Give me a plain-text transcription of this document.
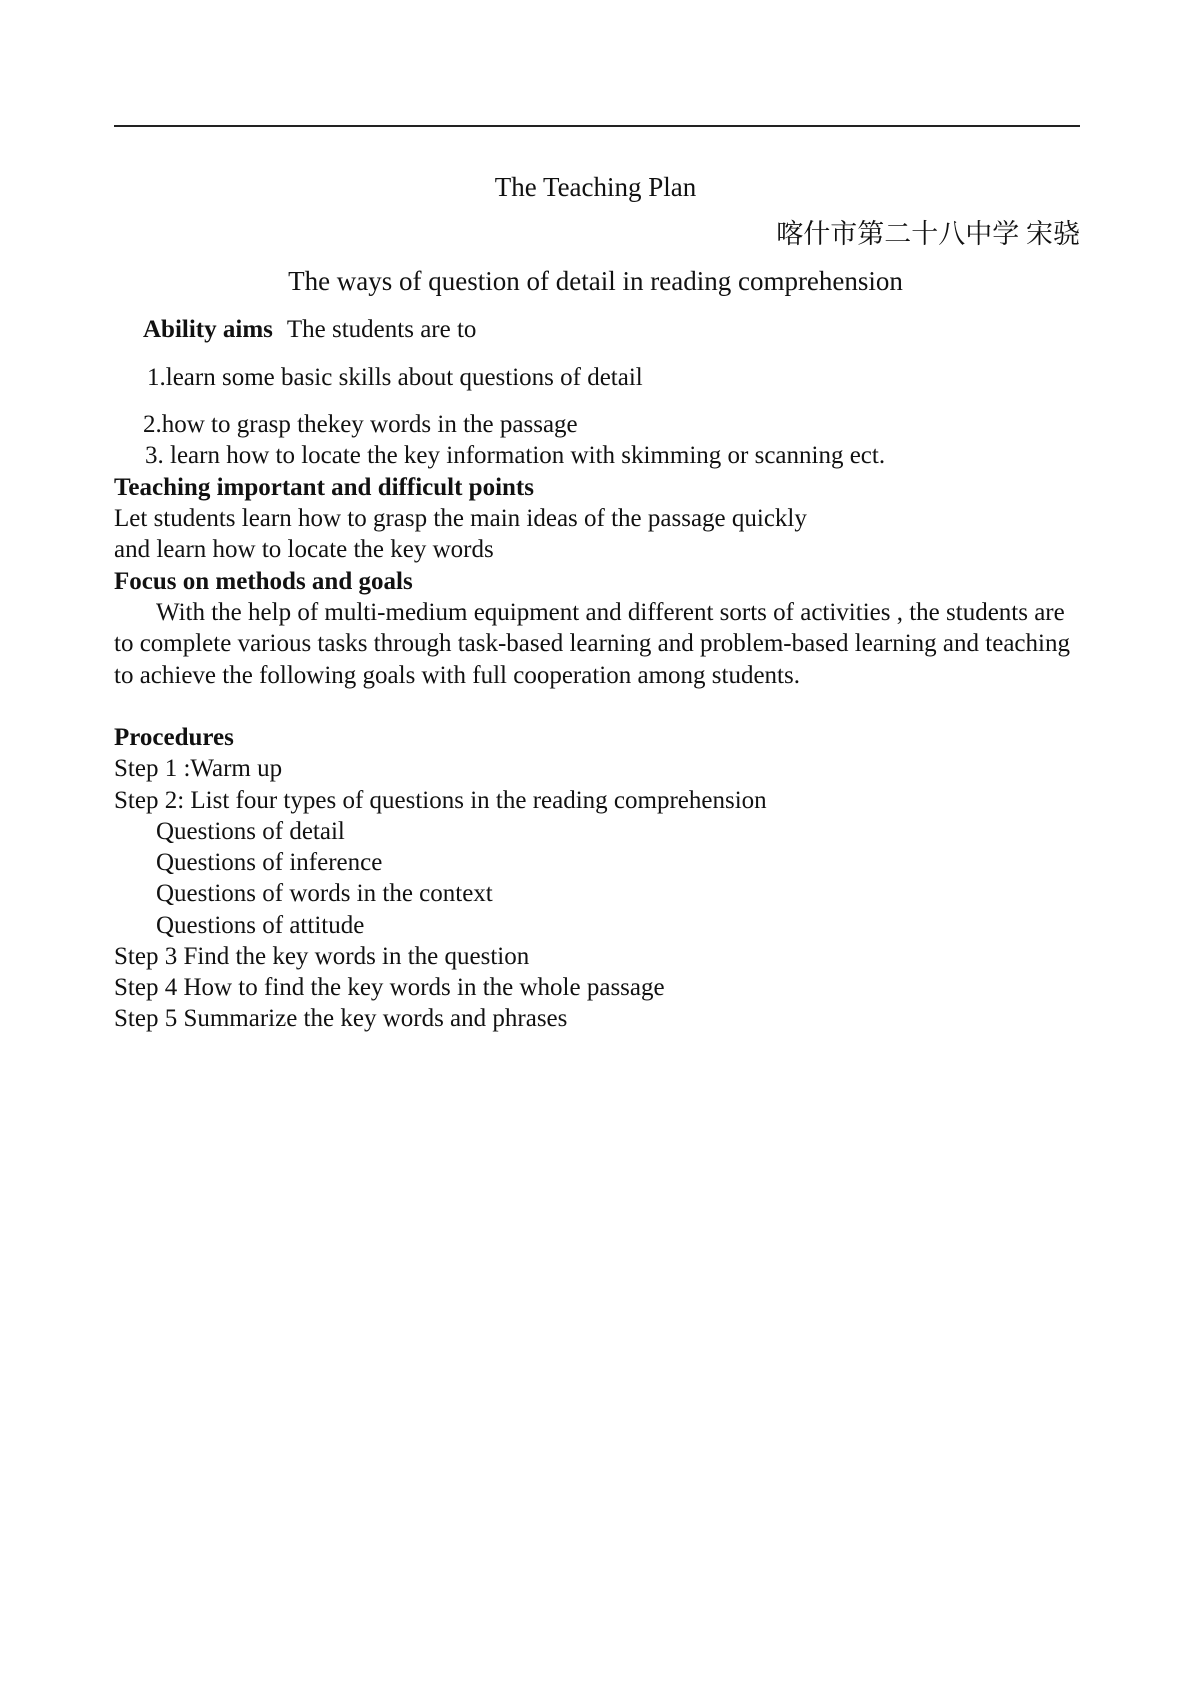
The Teaching Plan
喀什市第二十八中学 宋骁
The ways of question of detail in reading comprehension
Ability aims The students are to
1.learn some basic skills about questions of detail
2.how to grasp thekey words in the passage
3. learn how to locate the key information with skimming or scanning ect.
Teaching important and difficult points
Let students learn how to grasp the main ideas of the passage quickly
and learn how to locate the key words
Focus on methods and goals
With the help of multi-medium equipment and different sorts of activities , the students are to complete various tasks through task-based learning and problem-based learning and teaching to achieve the following goals with full cooperation among students.
Procedures
Step 1 :Warm up
Step 2: List four types of questions in the reading comprehension
Questions of detail
Questions of inference
Questions of words in the context
Questions of attitude
Step 3 Find the key words in the question
Step 4 How to find the key words in the whole passage
Step 5 Summarize the key words and phrases
